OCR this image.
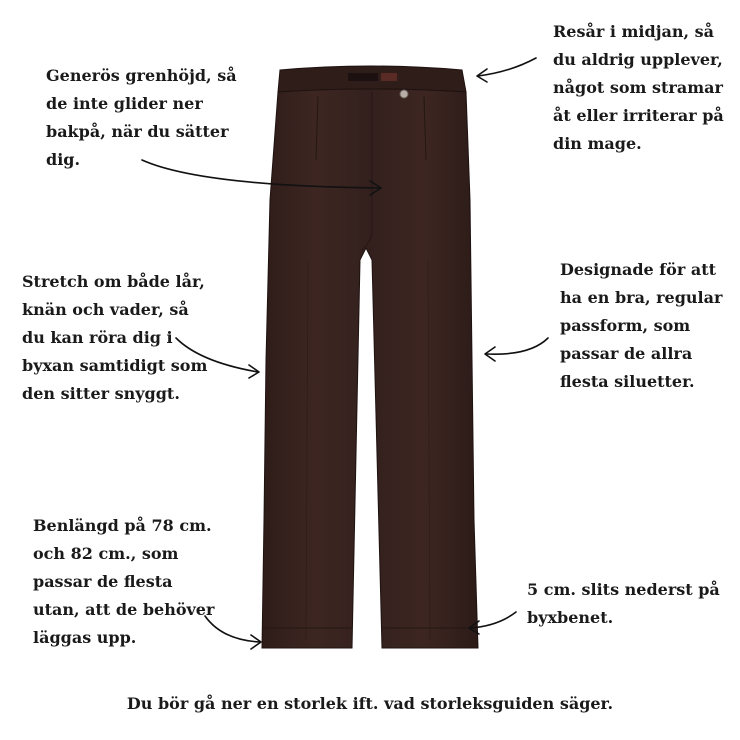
Generös grenhöjd, så
de inte glider ner
bakpå, när du sätter
dig.
Resår i midjan, så
du aldrig upplever,
något som stramar
åt eller irriterar på
din mage.
Stretch om både lår,
knän och vader, så
du kan röra dig i
byxan samtidigt som
den sitter snyggt.
Designade för att
ha en bra, regular
passform, som
passar de allra
flesta siluetter.
Benlängd på 78 cm.
och 82 cm., som
passar de flesta
utan, att de behöver
läggas upp.
5 cm. slits nederst på
byxbenet.
Du bör gå ner en storlek ift. vad storleksguiden säger.
